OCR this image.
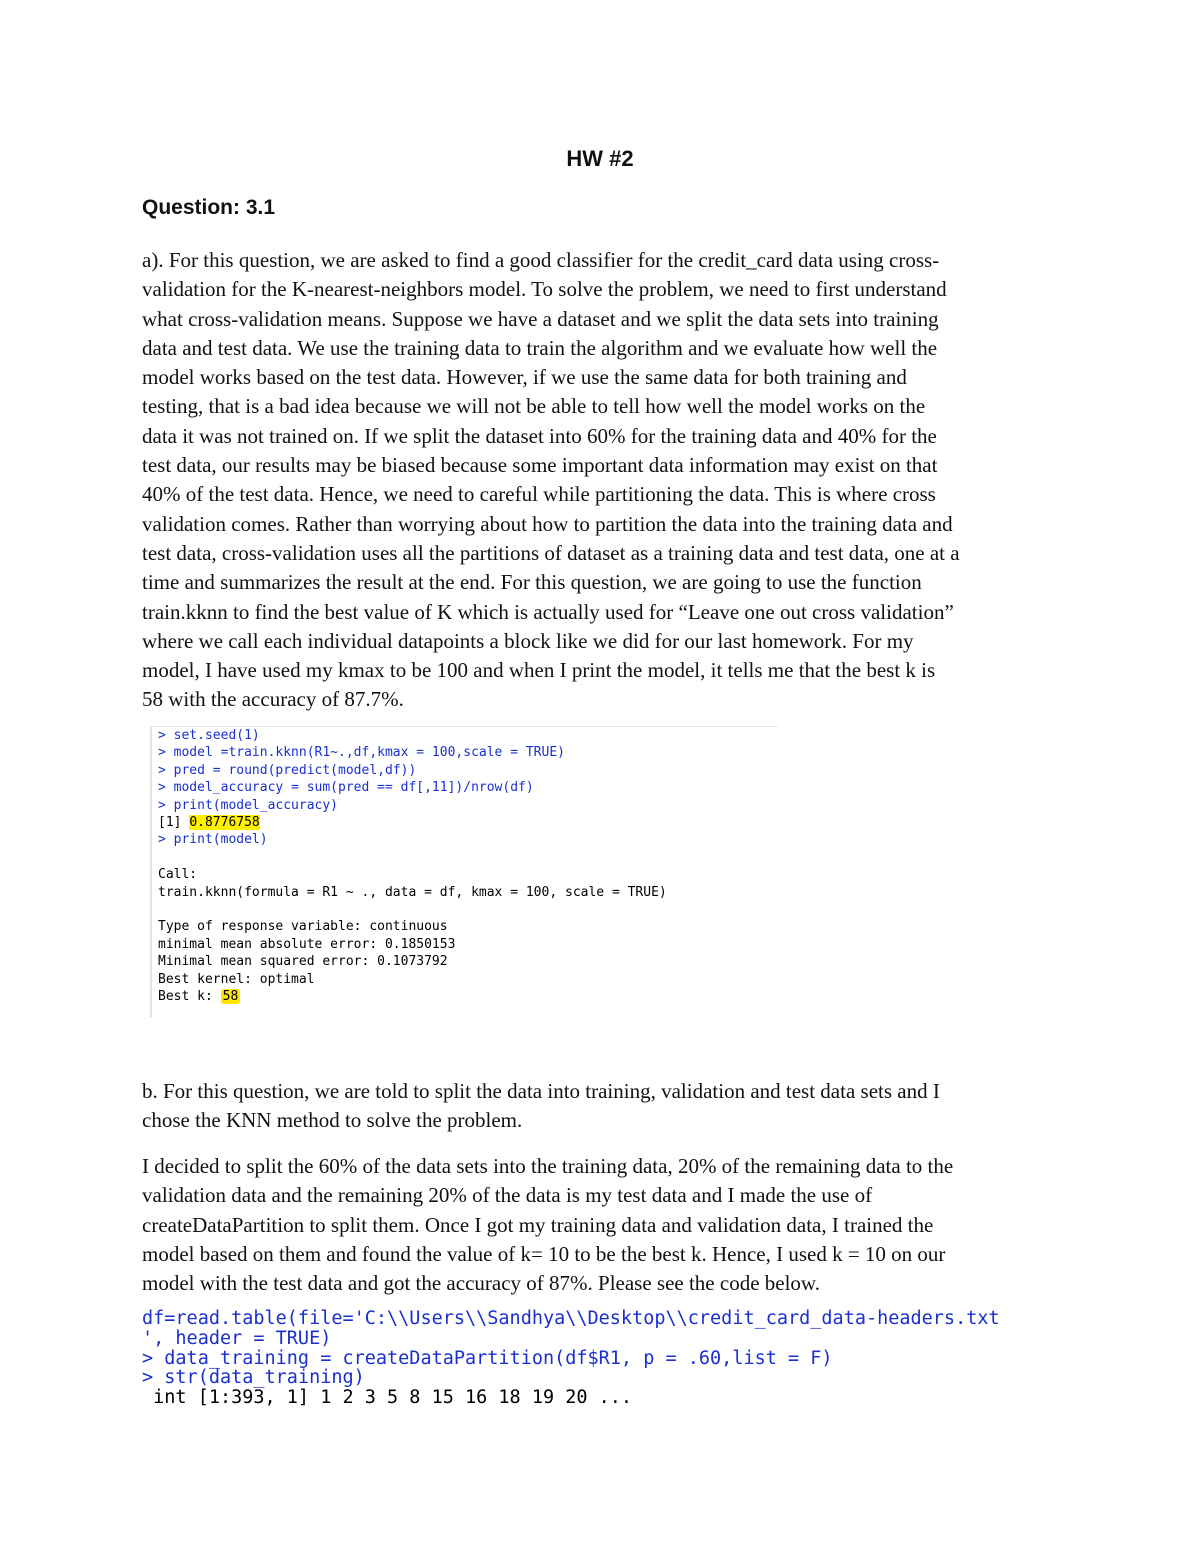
HW #2
Question: 3.1
a). For this question, we are asked to find a good classifier for the credit_card data using cross-
validation for the K-nearest-neighbors model. To solve the problem, we need to first understand
what cross-validation means. Suppose we have a dataset and we split the data sets into training
data and test data. We use the training data to train the algorithm and we evaluate how well the
model works based on the test data. However, if we use the same data for both training and
testing, that is a bad idea because we will not be able to tell how well the model works on the
data it was not trained on. If we split the dataset into 60% for the training data and 40% for the
test data, our results may be biased because some important data information may exist on that
40% of the test data. Hence, we need to careful while partitioning the data. This is where cross
validation comes. Rather than worrying about how to partition the data into the training data and
test data, cross-validation uses all the partitions of dataset as a training data and test data, one at a
time and summarizes the result at the end. For this question, we are going to use the function
train.kknn to find the best value of K which is actually used for “Leave one out cross validation”
where we call each individual datapoints a block like we did for our last homework. For my
model, I have used my kmax to be 100 and when I print the model, it tells me that the best k is
58 with the accuracy of 87.7%.
> set.seed(1)
> model =train.kknn(R1~.,df,kmax = 100,scale = TRUE)
> pred = round(predict(model,df))
> model_accuracy = sum(pred == df[,11])/nrow(df)
> print(model_accuracy)
[1] 0.8776758
> print(model)
Call:
train.kknn(formula = R1 ~ ., data = df, kmax = 100, scale = TRUE)
Type of response variable: continuous
minimal mean absolute error: 0.1850153
Minimal mean squared error: 0.1073792
Best kernel: optimal
Best k: 58
b. For this question, we are told to split the data into training, validation and test data sets and I
chose the KNN method to solve the problem.
I decided to split the 60% of the data sets into the training data, 20% of the remaining data to the
validation data and the remaining 20% of the data is my test data and I made the use of
createDataPartition to split them. Once I got my training data and validation data, I trained the
model based on them and found the value of k= 10 to be the best k. Hence, I used k = 10 on our
model with the test data and got the accuracy of 87%. Please see the code below.
df=read.table(file='C:\\Users\\Sandhya\\Desktop\\credit_card_data-headers.txt
', header = TRUE)
> data_training = createDataPartition(df$R1, p = .60,list = F)
> str(data_training)
int [1:393, 1] 1 2 3 5 8 15 16 18 19 20 ...
